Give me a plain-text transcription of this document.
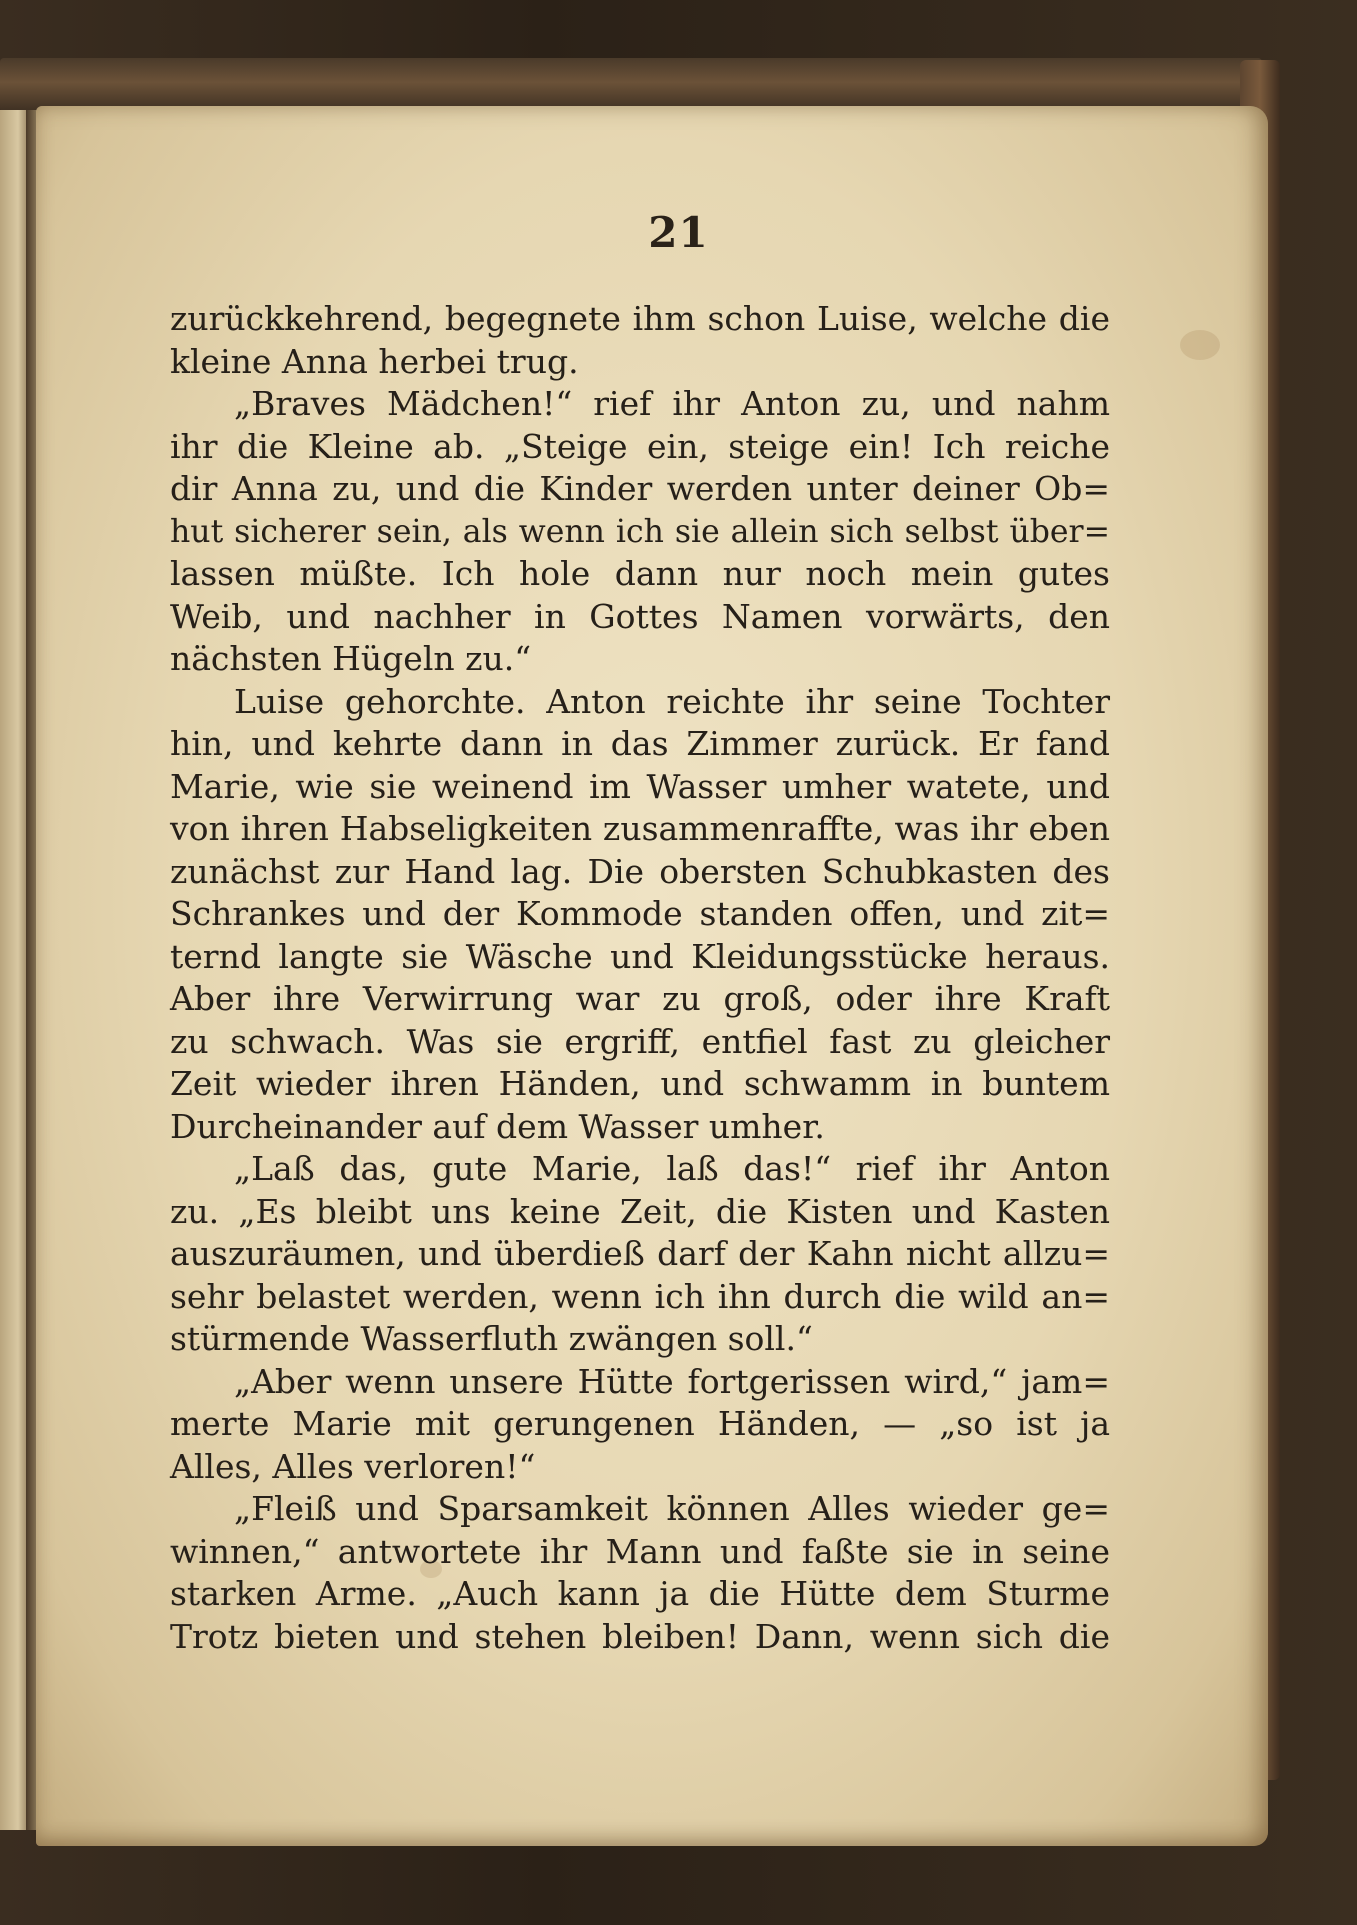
21
zurückkehrend, begegnete ihm schon Luise, welche die
kleine Anna herbei trug.
„Braves Mädchen!“ rief ihr Anton zu, und nahm
ihr die Kleine ab. „Steige ein, steige ein! Ich reiche
dir Anna zu, und die Kinder werden unter deiner Ob=
hut sicherer sein, als wenn ich sie allein sich selbst über=
lassen müßte. Ich hole dann nur noch mein gutes
Weib, und nachher in Gottes Namen vorwärts, den
nächsten Hügeln zu.“
Luise gehorchte. Anton reichte ihr seine Tochter
hin, und kehrte dann in das Zimmer zurück. Er fand
Marie, wie sie weinend im Wasser umher watete, und
von ihren Habseligkeiten zusammenraffte, was ihr eben
zunächst zur Hand lag. Die obersten Schubkasten des
Schrankes und der Kommode standen offen, und zit=
ternd langte sie Wäsche und Kleidungsstücke heraus.
Aber ihre Verwirrung war zu groß, oder ihre Kraft
zu schwach. Was sie ergriff, entfiel fast zu gleicher
Zeit wieder ihren Händen, und schwamm in buntem
Durcheinander auf dem Wasser umher.
„Laß das, gute Marie, laß das!“ rief ihr Anton
zu. „Es bleibt uns keine Zeit, die Kisten und Kasten
auszuräumen, und überdieß darf der Kahn nicht allzu=
sehr belastet werden, wenn ich ihn durch die wild an=
stürmende Wasserfluth zwängen soll.“
„Aber wenn unsere Hütte fortgerissen wird,“ jam=
merte Marie mit gerungenen Händen, — „so ist ja
Alles, Alles verloren!“
„Fleiß und Sparsamkeit können Alles wieder ge=
winnen,“ antwortete ihr Mann und faßte sie in seine
starken Arme. „Auch kann ja die Hütte dem Sturme
Trotz bieten und stehen bleiben! Dann, wenn sich die
